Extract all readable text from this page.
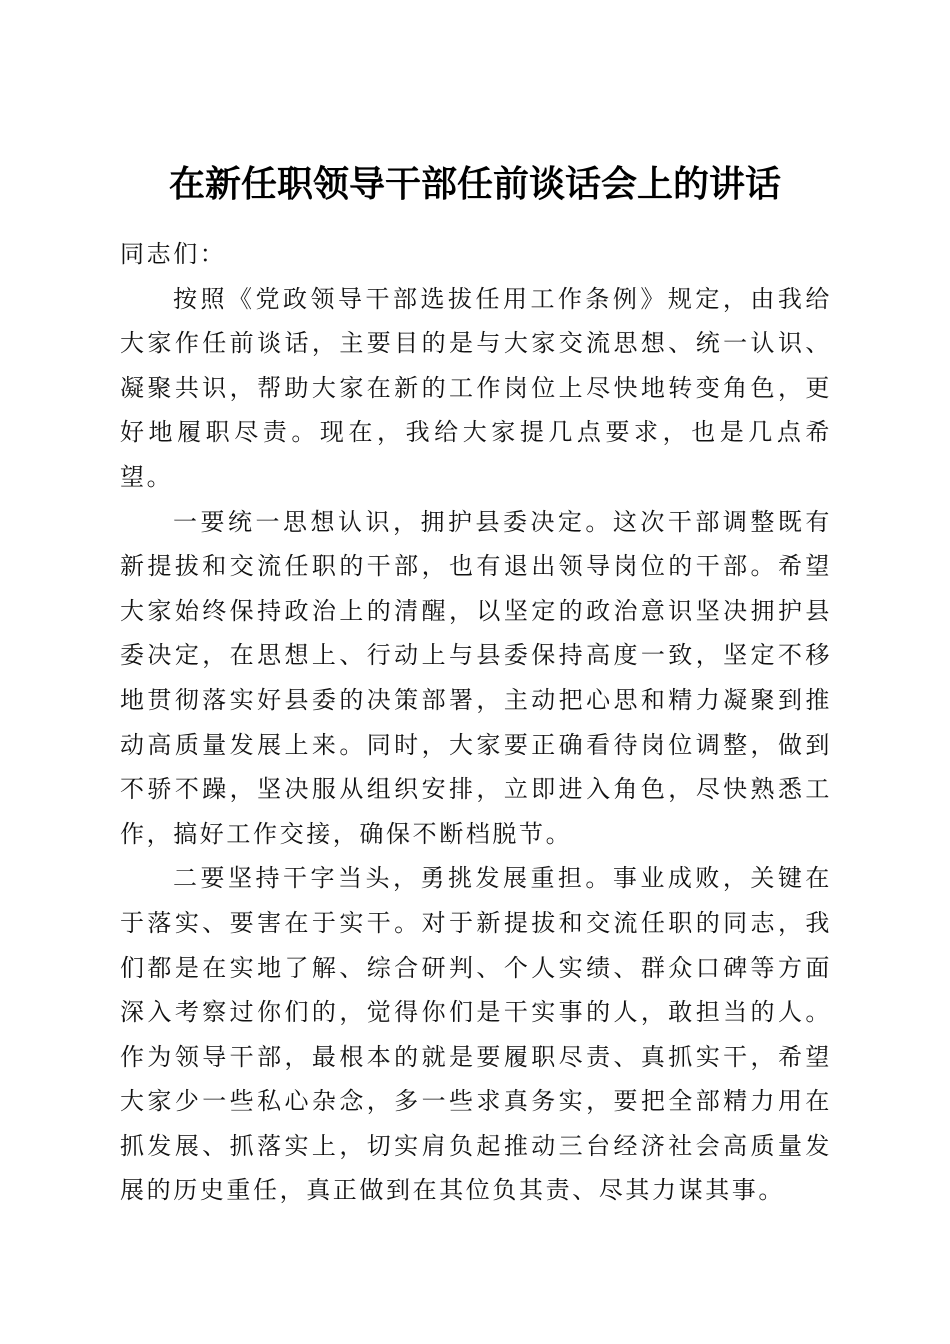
在新任职领导干部任前谈话会上的讲话

同志们：

按照《党政领导干部选拔任用工作条例》规定，由我给大家作任前谈话，主要目的是与大家交流思想、统一认识、凝聚共识，帮助大家在新的工作岗位上尽快地转变角色，更好地履职尽责。现在，我给大家提几点要求，也是几点希望。

一要统一思想认识，拥护县委决定。这次干部调整既有新提拔和交流任职的干部，也有退出领导岗位的干部。希望大家始终保持政治上的清醒，以坚定的政治意识坚决拥护县委决定，在思想上、行动上与县委保持高度一致，坚定不移地贯彻落实好县委的决策部署，主动把心思和精力凝聚到推动高质量发展上来。同时，大家要正确看待岗位调整，做到不骄不躁，坚决服从组织安排，立即进入角色，尽快熟悉工作，搞好工作交接，确保不断档脱节。

二要坚持干字当头，勇挑发展重担。事业成败，关键在于落实、要害在于实干。对于新提拔和交流任职的同志，我们都是在实地了解、综合研判、个人实绩、群众口碑等方面深入考察过你们的，觉得你们是干实事的人，敢担当的人。作为领导干部，最根本的就是要履职尽责、真抓实干，希望大家少一些私心杂念，多一些求真务实，要把全部精力用在抓发展、抓落实上，切实肩负起推动三台经济社会高质量发展的历史重任，真正做到在其位负其责、尽其力谋其事。
